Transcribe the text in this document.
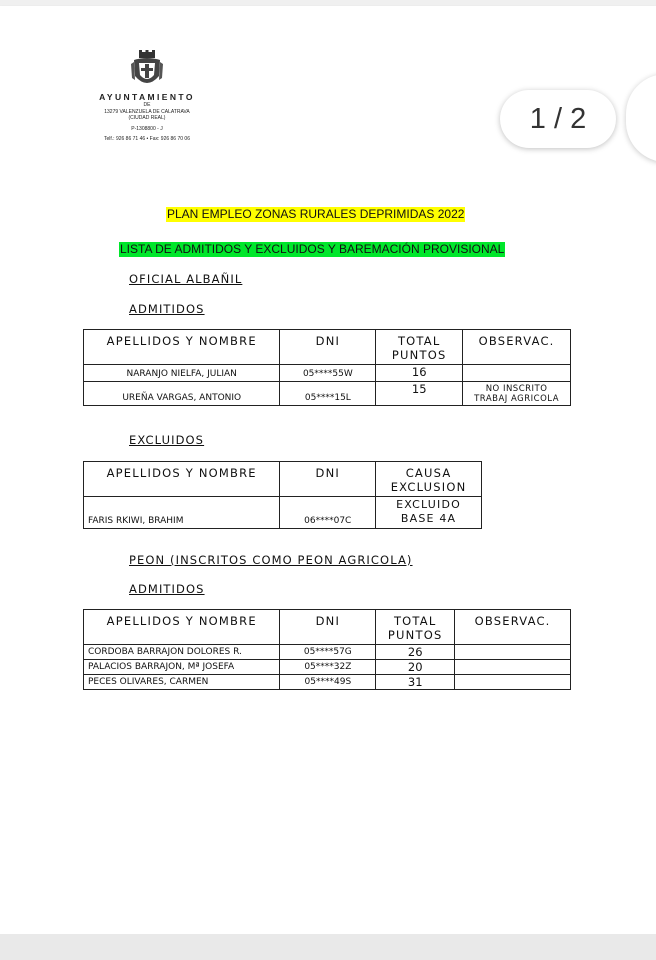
AYUNTAMIENTO
DE
13279 VALENZUELA DE CALATRAVA
(CIUDAD REAL)
P-1308800 - J
Telf.: 926 86 71 46 • Fax: 926 86 70 06
PLAN EMPLEO ZONAS RURALES DEPRIMIDAS 2022
LISTA DE ADMITIDOS Y EXCLUIDOS Y BAREMACIÓN PROVISIONAL
OFICIAL ALBAÑIL
ADMITIDOS
APELLIDOS Y NOMBRE	DNI	TOTAL PUNTOS	OBSERVAC.
NARANJO NIELFA, JULIAN	05****55W	16	

UREÑA VARGAS, ANTONIO	05****15L	15	NO INSCRITO
TRABAJ AGRICOLA
EXCLUIDOS
APELLIDOS Y NOMBRE	DNI	CAUSA
EXCLUSION

FARIS RKIWI, BRAHIM	06****07C	EXCLUIDO
BASE 4A
PEON (INSCRITOS COMO PEON AGRICOLA)
ADMITIDOS
APELLIDOS Y NOMBRE	DNI	TOTAL PUNTOS	OBSERVAC.
CORDOBA BARRAJON DOLORES R.	05****57G	26	
PALACIOS BARRAJON, Mª JOSEFA	05****32Z	20	
PECES OLIVARES, CARMEN	05****49S	31	
1 / 2
